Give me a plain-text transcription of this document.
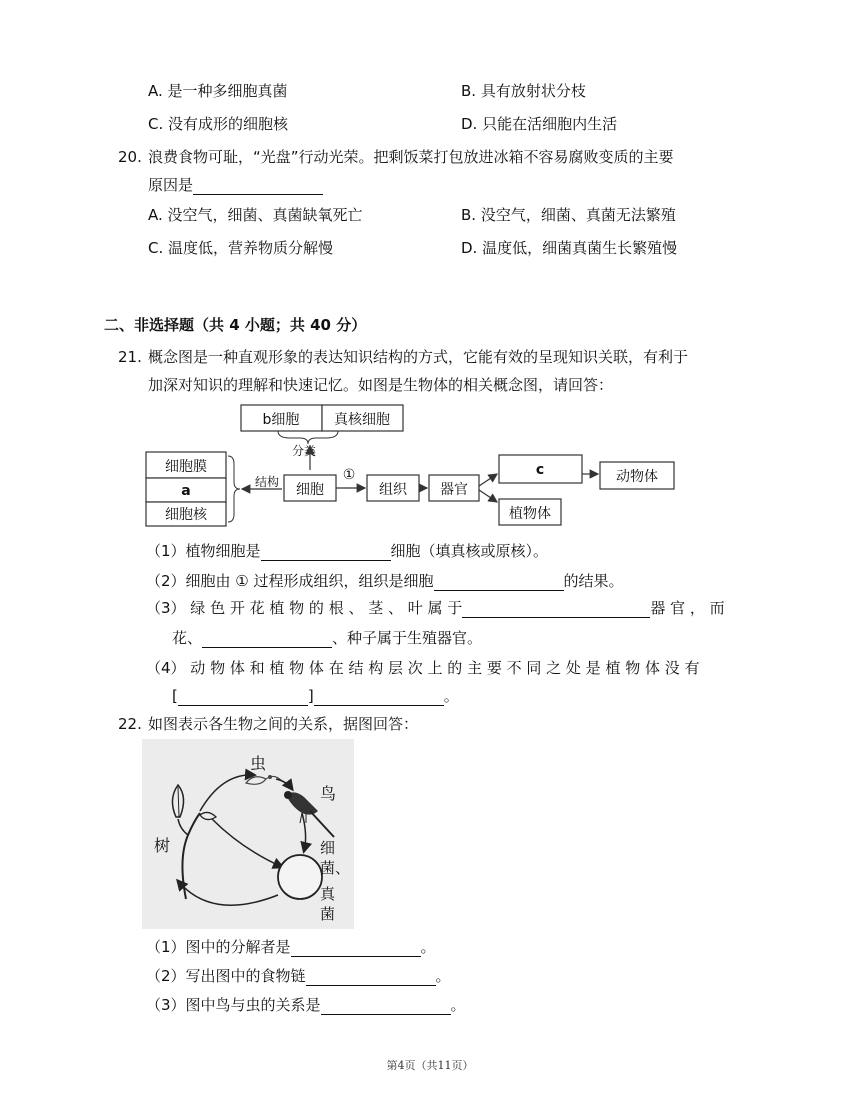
A. 是一种多细胞真菌	B. 具有放射状分枝
C. 没有成形的细胞核	D. 只能在活细胞内生活
20. 浪费食物可耻，“光盘”行动光荣。把剩饭菜打包放进冰箱不容易腐败变质的主要
原因是
A. 没空气，细菌、真菌缺氧死亡	B. 没空气，细菌、真菌无法繁殖
C. 温度低，营养物质分解慢	D. 温度低，细菌真菌生长繁殖慢
二、非选择题（共 4 小题；共 40 分）
21. 概念图是一种直观形象的表达知识结构的方式，它能有效的呈现知识关联，有利于
加深对知识的理解和快速记忆。如图是生物体的相关概念图，请回答：
b细胞 真核细胞
分类
细胞膜
a
细胞核
结构 细胞
①
组织 器官
c	动物体
植物体
（1）植物细胞是	细胞（填真核或原核）。
（2）细胞由 ① 过程形成组织，组织是细胞	的结果。
（3） 绿 色 开 花 植 物 的 根 、 茎 、 叶 属 于	器 官 ， 而
花、	、种子属于生殖器官。
（4） 动 物 体 和 植 物 体 在 结 构 层 次 上 的 主 要 不 同 之 处 是 植 物 体 没 有
[	]	。
22. 如图表示各生物之间的关系，据图回答：
树
虫
鸟
细
菌、
真
菌
（1）图中的分解者是	。
（2）写出图中的食物链	。
（3）图中鸟与虫的关系是	。
第4页（共11页）
